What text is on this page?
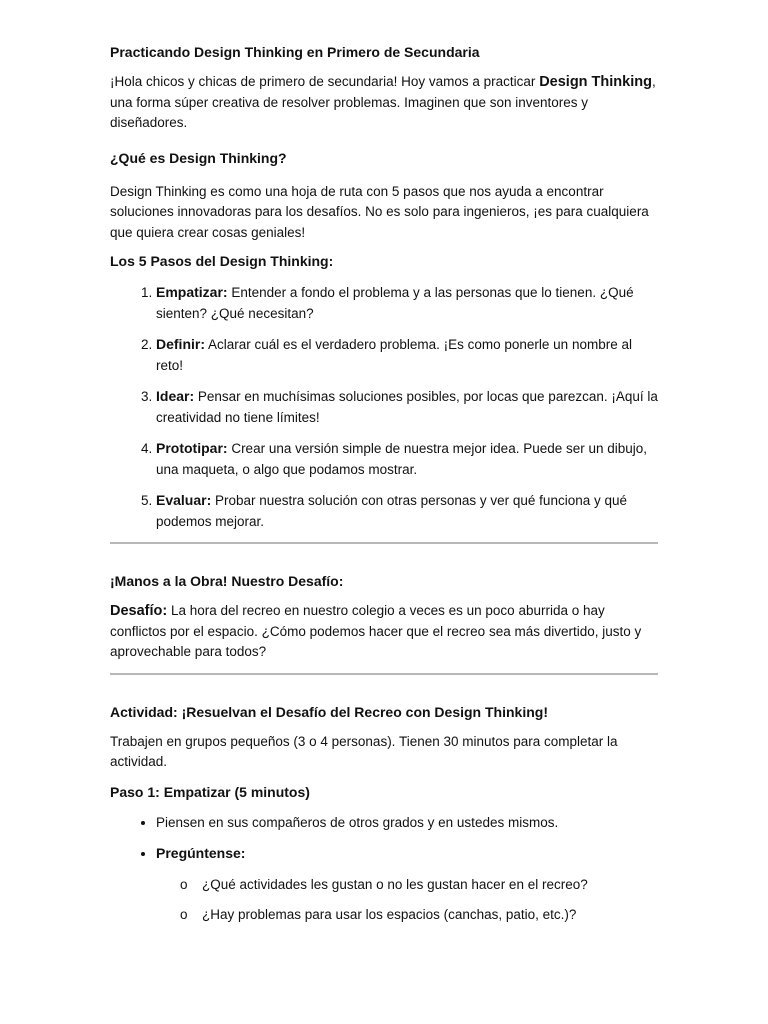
Practicando Design Thinking en Primero de Secundaria

¡Hola chicos y chicas de primero de secundaria! Hoy vamos a practicar Design Thinking, una forma súper creativa de resolver problemas. Imaginen que son inventores y diseñadores.

¿Qué es Design Thinking?

Design Thinking es como una hoja de ruta con 5 pasos que nos ayuda a encontrar soluciones innovadoras para los desafíos. No es solo para ingenieros, ¡es para cualquiera que quiera crear cosas geniales!

Los 5 Pasos del Design Thinking:
1. Empatizar: Entender a fondo el problema y a las personas que lo tienen. ¿Qué sienten? ¿Qué necesitan?
2. Definir: Aclarar cuál es el verdadero problema. ¡Es como ponerle un nombre al reto!
3. Idear: Pensar en muchísimas soluciones posibles, por locas que parezcan. ¡Aquí la creatividad no tiene límites!
4. Prototipar: Crear una versión simple de nuestra mejor idea. Puede ser un dibujo, una maqueta, o algo que podamos mostrar.
5. Evaluar: Probar nuestra solución con otras personas y ver qué funciona y qué podemos mejorar.
¡Manos a la Obra! Nuestro Desafío:

Desafío: La hora del recreo en nuestro colegio a veces es un poco aburrida o hay conflictos por el espacio. ¿Cómo podemos hacer que el recreo sea más divertido, justo y aprovechable para todos?

Actividad: ¡Resuelvan el Desafío del Recreo con Design Thinking!

Trabajen en grupos pequeños (3 o 4 personas). Tienen 30 minutos para completar la actividad.

Paso 1: Empatizar (5 minutos)
• Piensen en sus compañeros de otros grados y en ustedes mismos.
• Pregúntense:
o ¿Qué actividades les gustan o no les gustan hacer en el recreo?
o ¿Hay problemas para usar los espacios (canchas, patio, etc.)?
